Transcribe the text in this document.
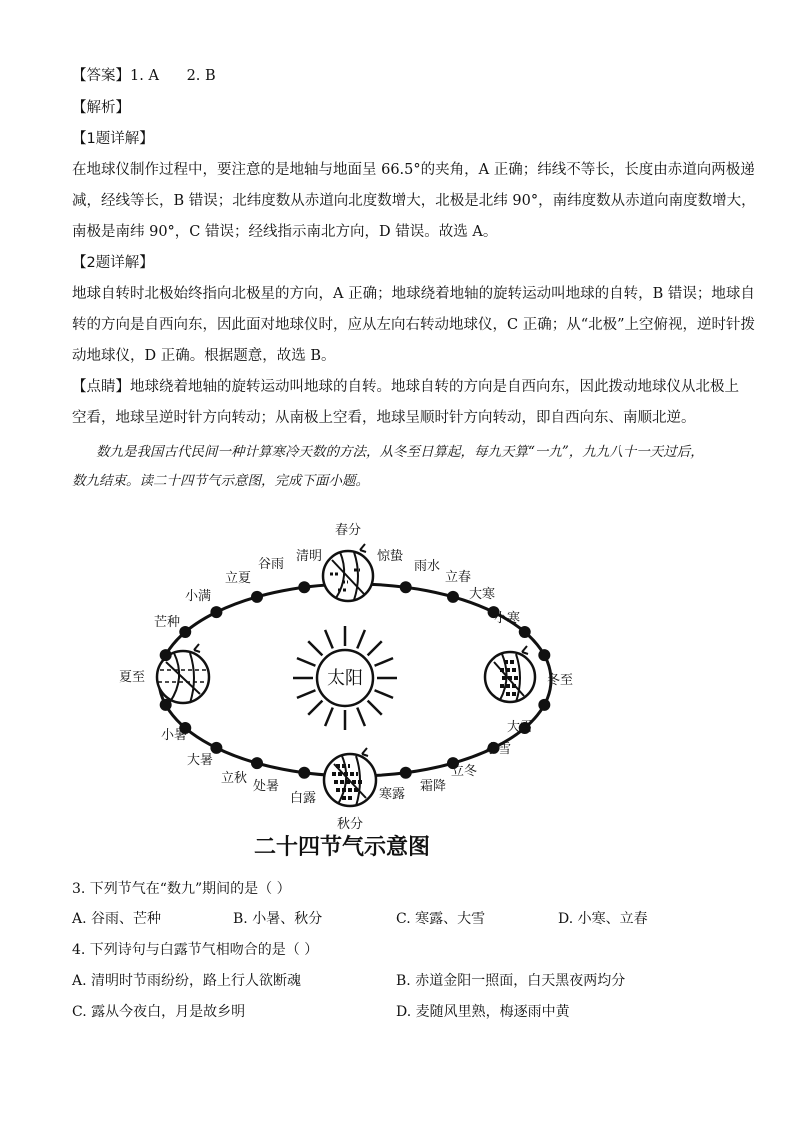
【答案】1. A      2. B
【解析】
【1题详解】
在地球仪制作过程中，要注意的是地轴与地面呈 66.5°的夹角，A 正确；纬线不等长，长度由赤道向两极递
减，经线等长，B 错误；北纬度数从赤道向北度数增大，北极是北纬 90°，南纬度数从赤道向南度数增大，
南极是南纬 90°，C 错误；经线指示南北方向，D 错误。故选 A。
【2题详解】
地球自转时北极始终指向北极星的方向，A 正确；地球绕着地轴的旋转运动叫地球的自转，B 错误；地球自
转的方向是自西向东，因此面对地球仪时，应从左向右转动地球仪，C 正确；从“北极”上空俯视，逆时针拨
动地球仪，D 正确。根据题意，故选 B。
【点睛】地球绕着地轴的旋转运动叫地球的自转。地球自转的方向是自西向东，因此拨动地球仪从北极上
空看，地球呈逆时针方向转动；从南极上空看，地球呈顺时针方向转动，即自西向东、南顺北逆。
数九是我国古代民间一种计算寒冷天数的方法，从冬至日算起，每九天算“一九”，九九八十一天过后，
数九结束。读二十四节气示意图，完成下面小题。
太阳
春分
惊蛰
雨水
立春
大寒
小寒
冬至
大雪
小雪
立冬
霜降
寒露
秋分
白露
处暑
立秋
大暑
小暑
夏至
芒种
小满
立夏
谷雨
清明
二十四节气示意图
3. 下列节气在“数九”期间的是（ ）
A. 谷雨、芒种	B. 小暑、秋分	C. 寒露、大雪	D. 小寒、立春
4. 下列诗句与白露节气相吻合的是（ ）
A. 清明时节雨纷纷，路上行人欲断魂	B. 赤道金阳一照面，白天黑夜两均分
C. 露从今夜白，月是故乡明	D. 麦随风里熟，梅逐雨中黄
